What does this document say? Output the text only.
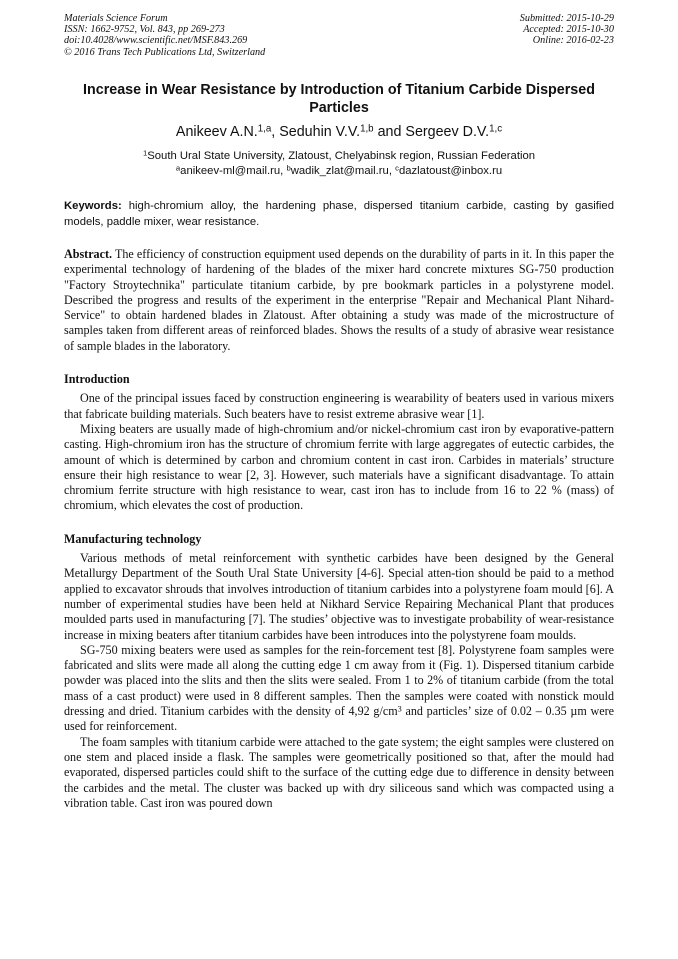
Materials Science Forum
ISSN: 1662-9752, Vol. 843, pp 269-273
doi:10.4028/www.scientific.net/MSF.843.269
© 2016 Trans Tech Publications Ltd, Switzerland
Submitted: 2015-10-29
Accepted: 2015-10-30
Online: 2016-02-23
Increase in Wear Resistance by Introduction of Titanium Carbide Dispersed Particles
Anikeev A.N.$^{1,a}$, Seduhin V.V.$^{1,b}$ and Sergeev D.V.$^{1,c}$
$^1$South Ural State University, Zlatoust, Chelyabinsk region, Russian Federation
$^a$anikeev-ml@mail.ru, $^b$wadik_zlat@mail.ru, $^c$dazlatoust@inbox.ru
Keywords: high-chromium alloy, the hardening phase, dispersed titanium carbide, casting by gasified models, paddle mixer, wear resistance.

Abstract. The efficiency of construction equipment used depends on the durability of parts in it. In this paper the experimental technology of hardening of the blades of the mixer hard concrete mixtures SG-750 production "Factory Stroytechnika" particulate titanium carbide, by pre bookmark particles in a polystyrene model. Described the progress and results of the experiment in the enterprise "Repair and Mechanical Plant Nihard-Service" to obtain hardened blades in Zlatoust. After obtaining a study was made of the microstructure of samples taken from different areas of reinforced blades. Shows the results of a study of abrasive wear resistance of sample blades in the laboratory.

Introduction

One of the principal issues faced by construction engineering is wearability of beaters used in various mixers that fabricate building materials. Such beaters have to resist extreme abrasive wear [1].

Mixing beaters are usually made of high-chromium and/or nickel-chromium cast iron by evaporative-pattern casting. High-chromium iron has the structure of chromium ferrite with large aggregates of eutectic carbides, the amount of which is determined by carbon and chromium content in cast iron. Carbides in materials’ structure ensure their high resistance to wear [2, 3]. However, such materials have a significant disadvantage. To attain chromium ferrite structure with high resistance to wear, cast iron has to include from 16 to 22 % (mass) of chromium, which elevates the cost of production.

Manufacturing technology

Various methods of metal reinforcement with synthetic carbides have been designed by the General Metallurgy Department of the South Ural State University [4-6]. Special atten-tion should be paid to a method applied to excavator shrouds that involves introduction of titanium carbides into a polystyrene foam mould [6]. A number of experimental studies have been held at Nikhard Service Repairing Mechanical Plant that produces moulded parts used in manufacturing [7]. The studies’ objective was to investigate probability of wear-resistance increase in mixing beaters after titanium carbides have been introduces into the polystyrene foam moulds.

SG-750 mixing beaters were used as samples for the rein-forcement test [8]. Polystyrene foam samples were fabricated and slits were made all along the cutting edge 1 cm away from it (Fig. 1). Dispersed titanium carbide powder was placed into the slits and then the slits were sealed. From 1 to 2% of titanium carbide (from the total mass of a cast product) were used in 8 different samples. Then the samples were coated with nonstick mould dressing and dried. Titanium carbides with the density of 4,92 $g/cm^3$ and particles’ size of 0.02 – 0.35 µm were used for reinforcement.

The foam samples with titanium carbide were attached to the gate system; the eight samples were clustered on one stem and placed inside a flask. The samples were geometrically positioned so that, after the mould had evaporated, dispersed particles could shift to the surface of the cutting edge due to difference in density between the carbides and the metal. The cluster was backed up with dry siliceous sand which was compacted using a vibration table. Cast iron was poured down
